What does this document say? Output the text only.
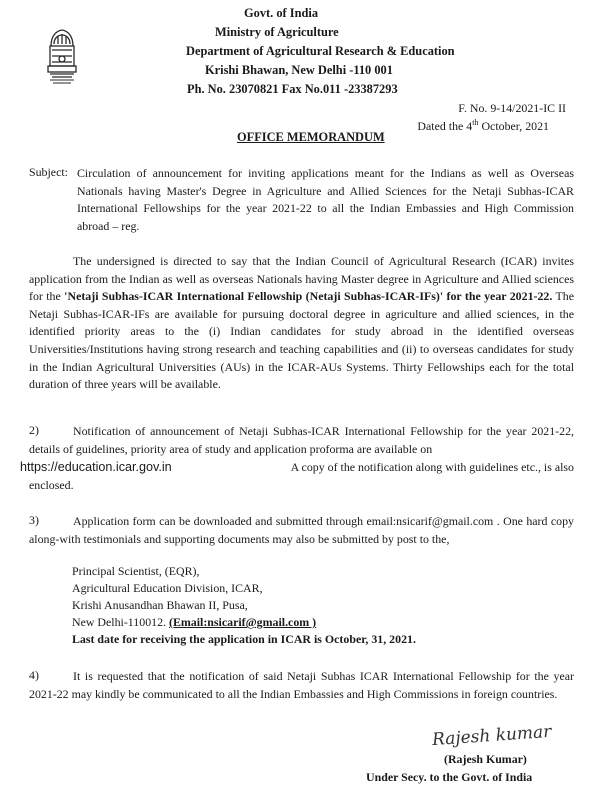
Govt. of India
Ministry of Agriculture
Department of Agricultural Research & Education
Krishi Bhawan, New Delhi -110 001
Ph. No. 23070821 Fax No.011 -23387293
F. No. 9-14/2021-IC II
Dated the 4th October, 2021
OFFICE MEMORANDUM
Subject: Circulation of announcement for inviting applications meant for the Indians as well as Overseas Nationals having Master's Degree in Agriculture and Allied Sciences for the Netaji Subhas-ICAR International Fellowships for the year 2021-22 to all the Indian Embassies and High Commission abroad – reg.
The undersigned is directed to say that the Indian Council of Agricultural Research (ICAR) invites application from the Indian as well as overseas Nationals having Master degree in Agriculture and Allied sciences for the 'Netaji Subhas-ICAR International Fellowship (Netaji Subhas-ICAR-IFs)' for the year 2021-22. The Netaji Subhas-ICAR-IFs are available for pursuing doctoral degree in agriculture and allied sciences, in the identified priority areas to the (i) Indian candidates for study abroad in the identified overseas Universities/Institutions having strong research and teaching capabilities and (ii) to overseas candidates for study in the Indian Agricultural Universities (AUs) in the ICAR-AUs Systems. Thirty Fellowships each for the total duration of three years will be available.
2)	Notification of announcement of Netaji Subhas-ICAR International Fellowship for the year 2021-22, details of guidelines, priority area of study and application proforma are available on
https://education.icar.gov.in	A copy of the notification along with guidelines etc., is also
enclosed.
3)	Application form can be downloaded and submitted through email:nsicarif@gmail.com . One hard copy along-with testimonials and supporting documents may also be submitted by post to the,
Principal Scientist, (EQR),
Agricultural Education Division, ICAR,
Krishi Anusandhan Bhawan II, Pusa,
New Delhi-110012. (Email:nsicarif@gmail.com )
Last date for receiving the application in ICAR is October, 31, 2021.
4)	It is requested that the notification of said Netaji Subhas ICAR International Fellowship for the year 2021-22 may kindly be communicated to all the Indian Embassies and High Commissions in foreign countries.
Rajesh kumar
(Rajesh Kumar)
Under Secy. to the Govt. of India
